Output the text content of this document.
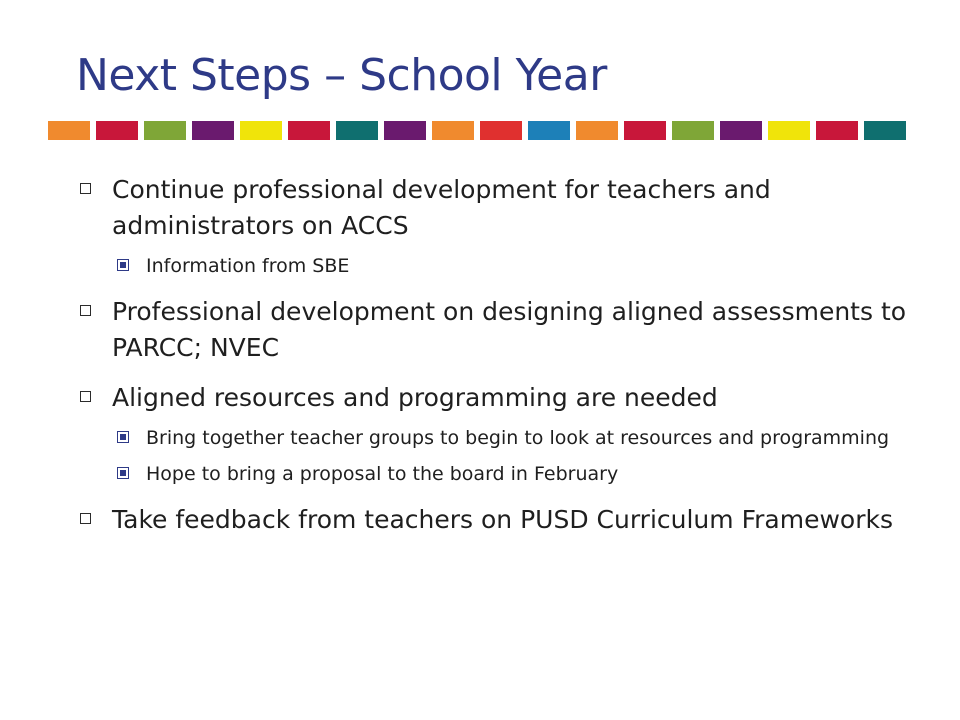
Next Steps – School Year
Continue professional development for teachers and administrators on ACCS
Information from SBE
Professional development on designing aligned assessments to PARCC; NVEC
Aligned resources and programming are needed
Bring together teacher groups to begin to look at resources and programming
Hope to bring a proposal to the board in February
Take feedback from teachers on PUSD Curriculum Frameworks
